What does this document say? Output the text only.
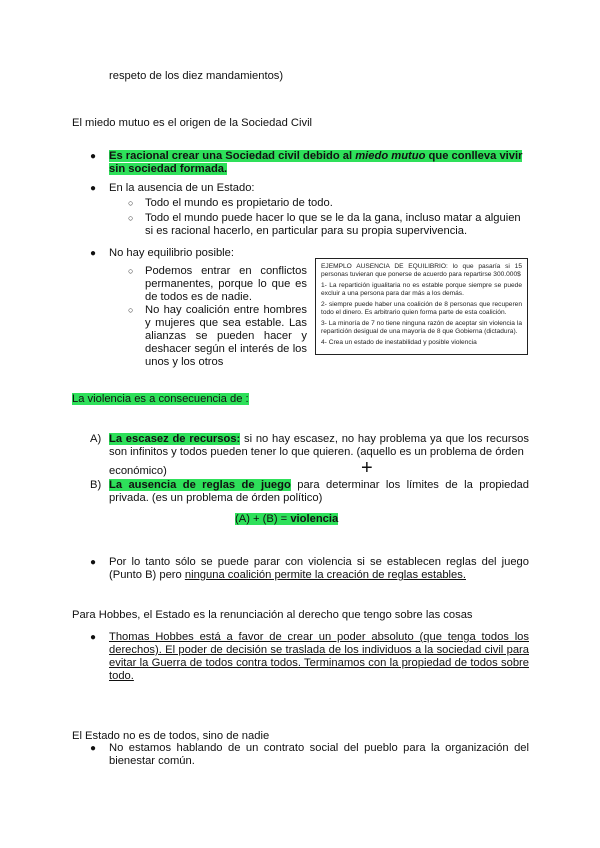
respeto de los diez mandamientos)
El miedo mutuo es el origen de la Sociedad Civil
● Es racional crear una Sociedad civil debido al miedo mutuo que conlleva vivir
sin sociedad formada.
● En la ausencia de un Estado:
○ Todo el mundo es propietario de todo.
○ Todo el mundo puede hacer lo que se le da la gana, incluso matar a alguien
si es racional hacerlo, en particular para su propia supervivencia.
● No hay equilibrio posible:
○ Podemos entrar en conflictos
permanentes, porque lo que es
de todos es de nadie.
○ No hay coalición entre hombres
y mujeres que sea estable. Las
alianzas se pueden hacer y
deshacer según el interés de los
unos y los otros

EJEMPLO AUSENCIA DE EQUILIBRIO: lo que pasaría si 15 personas tuvieran que ponerse de acuerdo para repartirse 300.000$

1- La repartición igualitaria no es estable porque siempre se puede excluir a una persona para dar más a los demás.

2- siempre puede haber una coalición de 8 personas que recuperen todo el dinero. Es arbitrario quien forma parte de esta coalición.

3- La minoría de 7 no tiene ninguna razón de aceptar sin violencia la repartición desigual de una mayoría de 8 que Gobierna (dictadura).

4- Crea un estado de inestabilidad y posible violencia

La violencia es a consecuencia de :
A) La escasez de recursos: si no hay escasez, no hay problema ya que los recursos
son infinitos y todos pueden tener lo que quieren. (aquello es un problema de órden
económico)	+
B) La ausencia de reglas de juego para determinar los límites de la propiedad
privada. (es un problema de órden político)
(A) + (B) = violencia
● Por lo tanto sólo se puede parar con violencia si se establecen reglas del juego
(Punto B) pero ninguna coalición permite la creación de reglas estables.
Para Hobbes, el Estado es la renunciación al derecho que tengo sobre las cosas
● Thomas Hobbes está a favor de crear un poder absoluto (que tenga todos los
derechos). El poder de decisión se traslada de los individuos a la sociedad civil para
evitar la Guerra de todos contra todos. Terminamos con la propiedad de todos sobre
todo.
El Estado no es de todos, sino de nadie
● No estamos hablando de un contrato social del pueblo para la organización del
bienestar común.
